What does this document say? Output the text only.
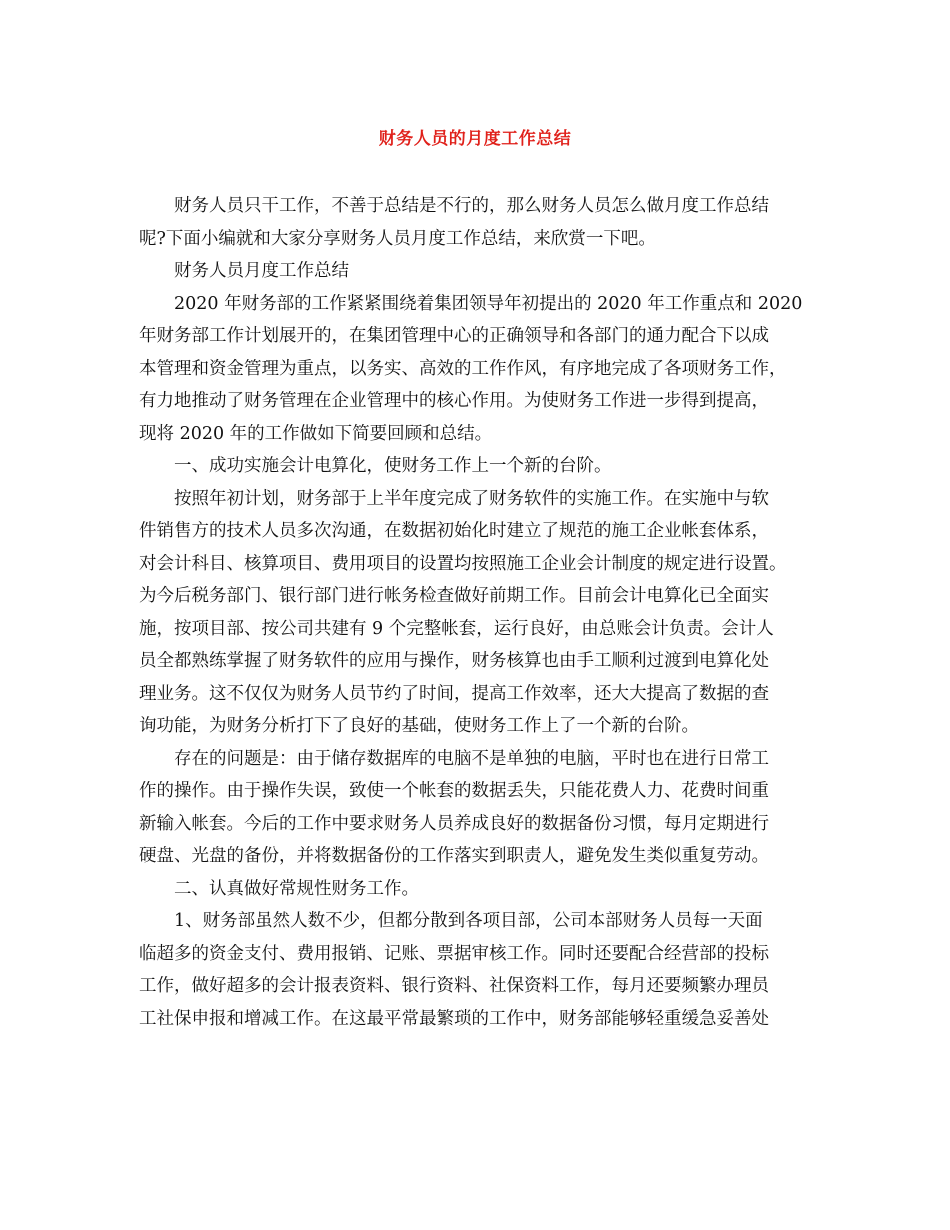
财务人员的月度工作总结
财务人员只干工作，不善于总结是不行的，那么财务人员怎么做月度工作总结
呢?下面小编就和大家分享财务人员月度工作总结，来欣赏一下吧。
财务人员月度工作总结
2020 年财务部的工作紧紧围绕着集团领导年初提出的 2020 年工作重点和 2020
年财务部工作计划展开的，在集团管理中心的正确领导和各部门的通力配合下以成
本管理和资金管理为重点，以务实、高效的工作作风，有序地完成了各项财务工作，
有力地推动了财务管理在企业管理中的核心作用。为使财务工作进一步得到提高，
现将 2020 年的工作做如下简要回顾和总结。
一、成功实施会计电算化，使财务工作上一个新的台阶。
按照年初计划，财务部于上半年度完成了财务软件的实施工作。在实施中与软
件销售方的技术人员多次沟通，在数据初始化时建立了规范的施工企业帐套体系，
对会计科目、核算项目、费用项目的设置均按照施工企业会计制度的规定进行设置。
为今后税务部门、银行部门进行帐务检查做好前期工作。目前会计电算化已全面实
施，按项目部、按公司共建有 9 个完整帐套，运行良好，由总账会计负责。会计人
员全都熟练掌握了财务软件的应用与操作，财务核算也由手工顺利过渡到电算化处
理业务。这不仅仅为财务人员节约了时间，提高工作效率，还大大提高了数据的查
询功能，为财务分析打下了良好的基础，使财务工作上了一个新的台阶。
存在的问题是：由于储存数据库的电脑不是单独的电脑，平时也在进行日常工
作的操作。由于操作失误，致使一个帐套的数据丢失，只能花费人力、花费时间重
新输入帐套。今后的工作中要求财务人员养成良好的数据备份习惯，每月定期进行
硬盘、光盘的备份，并将数据备份的工作落实到职责人，避免发生类似重复劳动。
二、认真做好常规性财务工作。
1、财务部虽然人数不少，但都分散到各项目部，公司本部财务人员每一天面
临超多的资金支付、费用报销、记账、票据审核工作。同时还要配合经营部的投标
工作，做好超多的会计报表资料、银行资料、社保资料工作，每月还要频繁办理员
工社保申报和增减工作。在这最平常最繁琐的工作中，财务部能够轻重缓急妥善处
